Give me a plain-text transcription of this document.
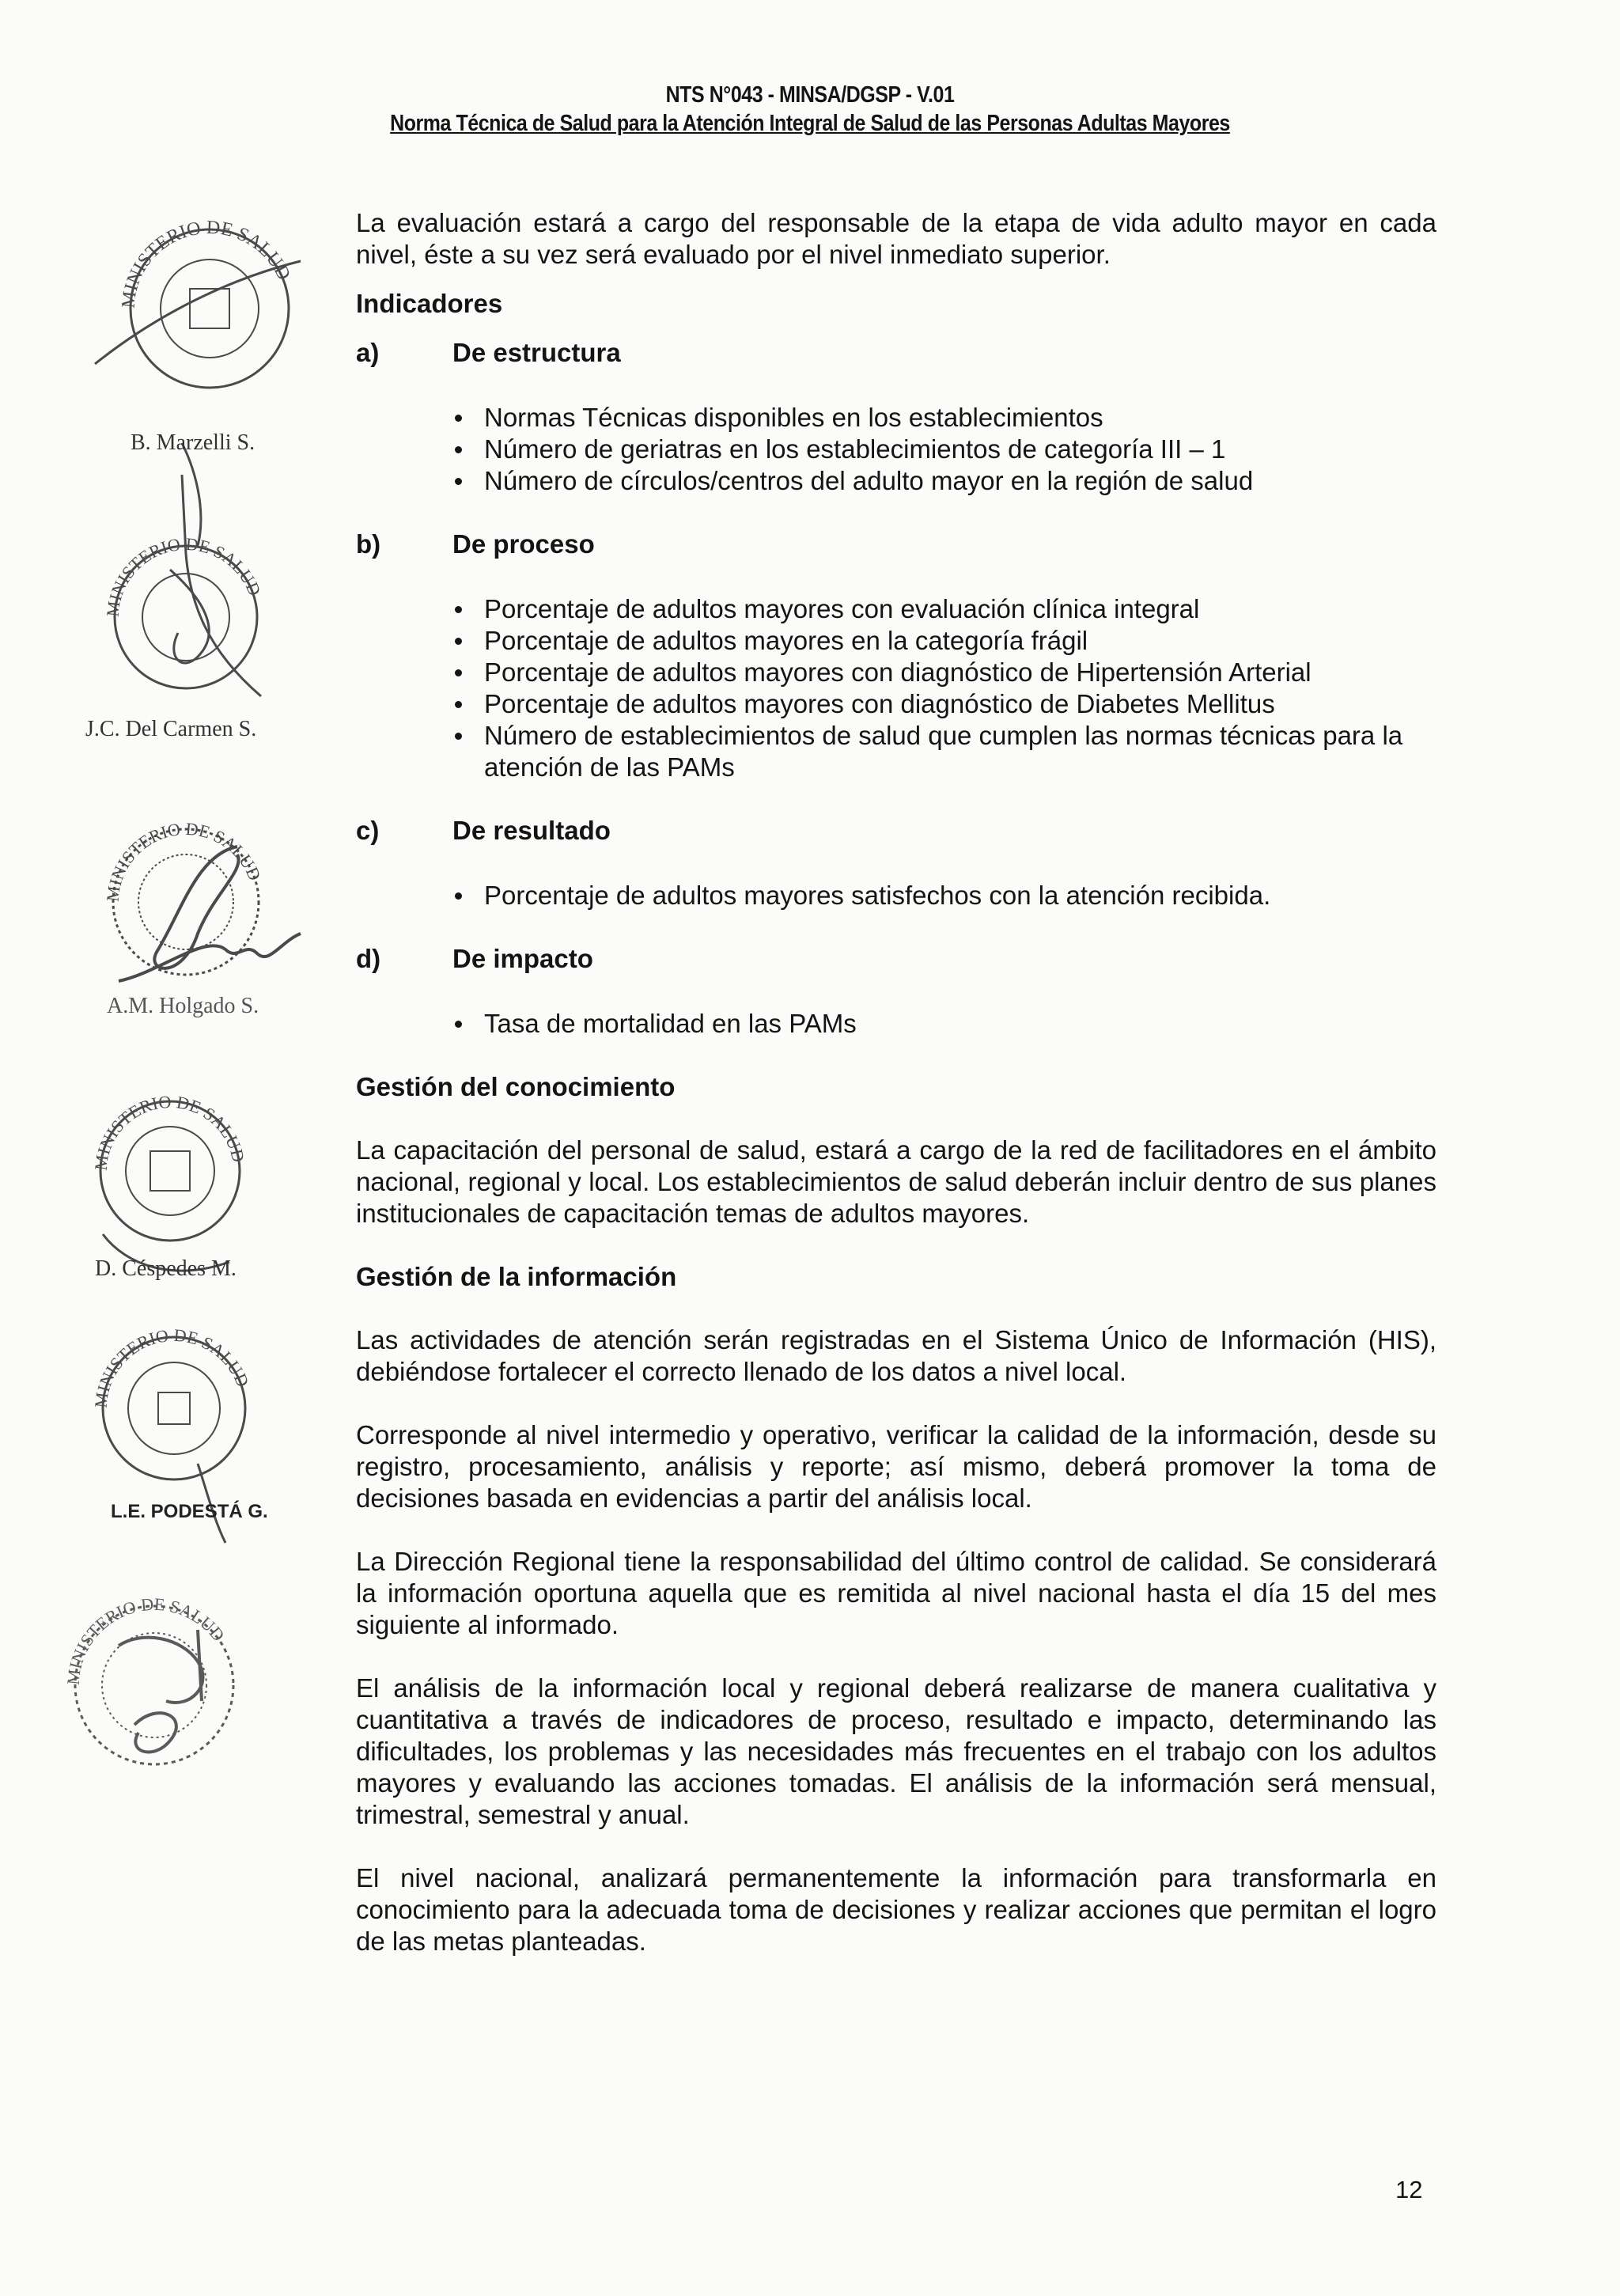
NTS N°043 - MINSA/DGSP - V.01
Norma Técnica de Salud para la Atención Integral de Salud de las Personas Adultas Mayores
MINISTERIO DE SALUD
B. Marzelli S.
MINISTERIO DE SALUD
J.C. Del Carmen S.
MINISTERIO DE SALUD
A.M. Holgado S.
MINISTERIO DE SALUD
D. Céspedes M.
MINISTERIO DE SALUD
L.E. PODESTÁ G.
MINISTERIO DE SALUD

La evaluación estará a cargo del responsable de la etapa de vida adulto mayor en cada nivel, éste a su vez será evaluado por el nivel inmediato superior.

Indicadores

a)	De estructura
Normas Técnicas disponibles en los establecimientos
Número de geriatras en los establecimientos de categoría III – 1
Número de círculos/centros del adulto mayor en la región de salud
b)	De proceso
Porcentaje de adultos mayores con evaluación clínica integral
Porcentaje de adultos mayores en la categoría frágil
Porcentaje de adultos mayores con diagnóstico de Hipertensión Arterial
Porcentaje de adultos mayores con diagnóstico de Diabetes Mellitus
Número de establecimientos de salud que cumplen las normas técnicas para la atención de las PAMs
c)	De resultado
Porcentaje de adultos mayores satisfechos con la atención recibida.
d)	De impacto
Tasa de mortalidad en las PAMs

Gestión del conocimiento

La capacitación del personal de salud, estará a cargo de la red de facilitadores en el ámbito nacional, regional y local. Los establecimientos de salud deberán incluir dentro de sus planes institucionales de capacitación temas de adultos mayores.

Gestión de la información

Las actividades de atención serán registradas en el Sistema Único de Información (HIS), debiéndose fortalecer el correcto llenado de los datos a nivel local.

Corresponde al nivel intermedio y operativo, verificar la calidad de la información, desde su registro, procesamiento, análisis y reporte; así mismo, deberá promover la toma de decisiones basada en evidencias a partir del análisis local.

La Dirección Regional tiene la responsabilidad del último control de calidad. Se considerará la información oportuna aquella que es remitida al nivel nacional hasta el día 15 del mes siguiente al informado.

El análisis de la información local y regional deberá realizarse de manera cualitativa y cuantitativa a través de indicadores de proceso, resultado e impacto, determinando las dificultades, los problemas y las necesidades más frecuentes en el trabajo con los adultos mayores y evaluando las acciones tomadas. El análisis de la información será mensual, trimestral, semestral y anual.

El nivel nacional, analizará permanentemente la información para transformarla en conocimiento para la adecuada toma de decisiones y realizar acciones que permitan el logro de las metas planteadas.

12
